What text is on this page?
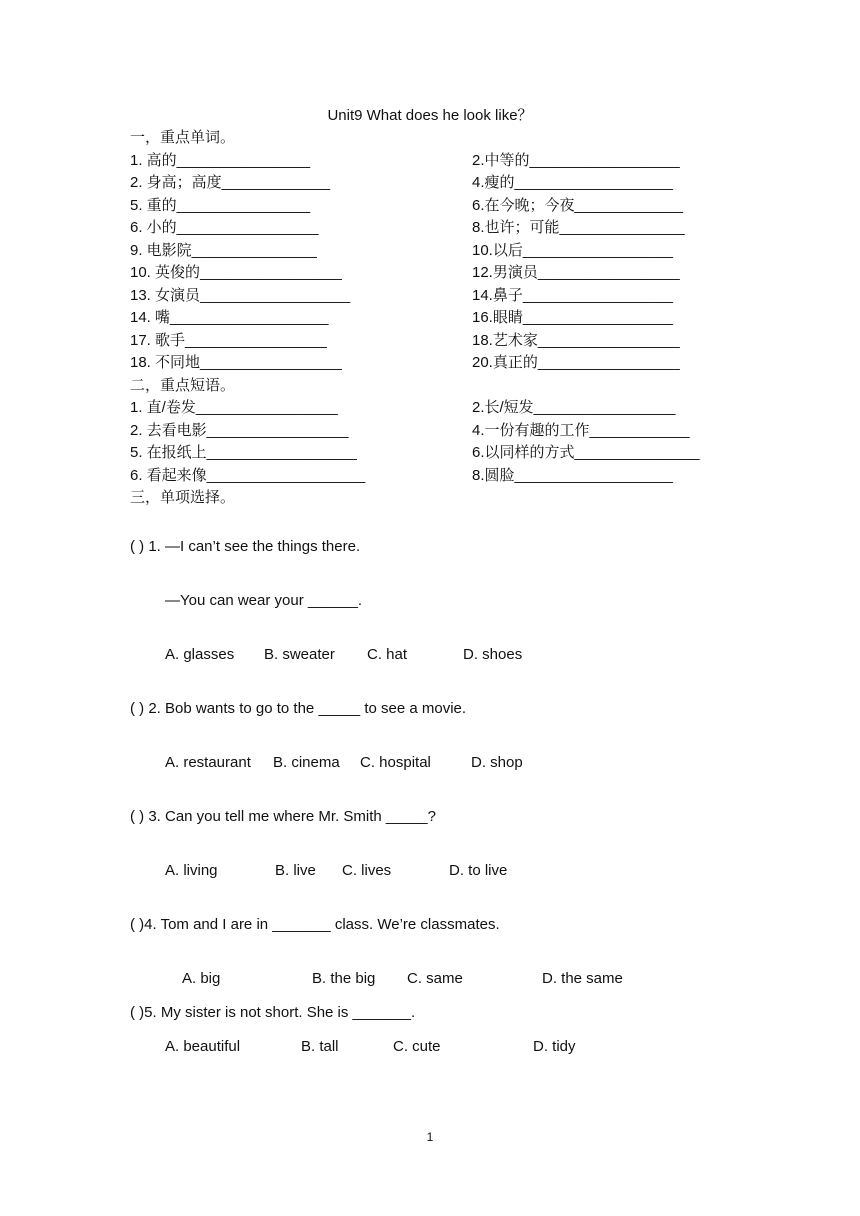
Unit9 What does he look like？
一，重点单词。
1. 高的________________	2.中等的__________________
2. 身高；高度_____________	4.瘦的___________________
5. 重的________________	6.在今晚；今夜_____________
6. 小的_________________	8.也许；可能_______________
9. 电影院_______________	10.以后__________________
10. 英俊的_________________	12.男演员_________________
13. 女演员__________________	14.鼻子__________________
14. 嘴___________________	16.眼睛__________________
17. 歌手_________________	18.艺术家_________________
18. 不同地_________________	20.真正的_________________
二，重点短语。
1. 直/卷发_________________	2.长/短发_________________
2. 去看电影_________________	4.一份有趣的工作____________
5. 在报纸上__________________	6.以同样的方式_______________
6. 看起来像___________________	8.圆脸___________________
三，单项选择。
( ) 1. —I can’t see the things there.
—You can wear your ______.
A. glasses B. sweater C. hat	D. shoes
( ) 2. Bob wants to go to the _____ to see a movie.
A. restaurant B. cinema C. hospital	D. shop
( ) 3. Can you tell me where Mr. Smith _____?
A. living	B. live C. lives	D. to live
( )4. Tom and I are in _______ class. We’re classmates.
A. big	B. the big C. same	D. the same
( )5. My sister is not short. She is _______.
A. beautiful	B. tall	C. cute	D. tidy
1
